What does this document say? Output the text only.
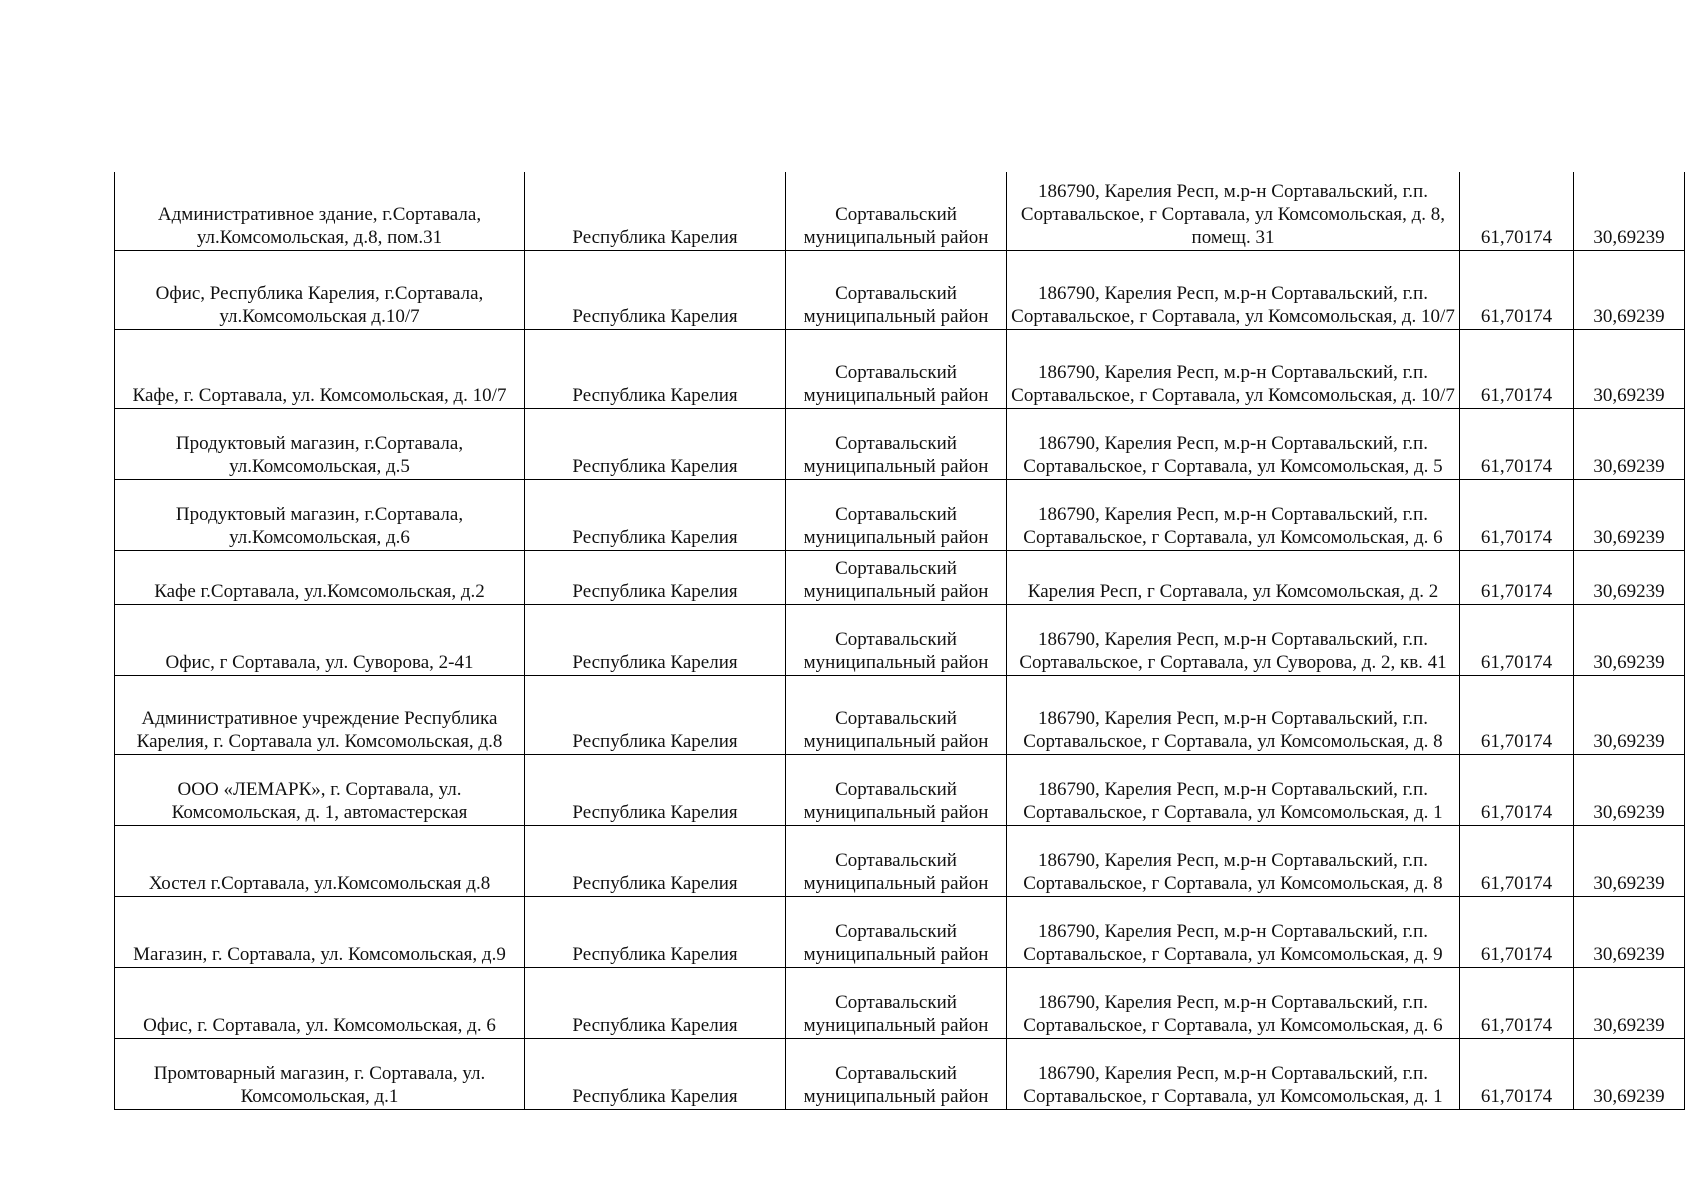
Административное здание, г.Сортавала, ул.Комсомольская, д.8, пом.31	Республика Карелия	Сортавальский муниципальный район	186790, Карелия Респ, м.р-н Сортавальский, г.п. Сортавальское, г Сортавала, ул Комсомольская, д. 8, помещ. 31	61,70174	30,69239
Офис, Республика Карелия, г.Сортавала, ул.Комсомольская д.10/7	Республика Карелия	Сортавальский муниципальный район	186790, Карелия Респ, м.р-н Сортавальский, г.п. Сортавальское, г Сортавала, ул Комсомольская, д. 10/7	61,70174	30,69239
Кафе, г. Сортавала, ул. Комсомольская, д. 10/7	Республика Карелия	Сортавальский муниципальный район	186790, Карелия Респ, м.р-н Сортавальский, г.п. Сортавальское, г Сортавала, ул Комсомольская, д. 10/7	61,70174	30,69239
Продуктовый магазин, г.Сортавала, ул.Комсомольская, д.5	Республика Карелия	Сортавальский муниципальный район	186790, Карелия Респ, м.р-н Сортавальский, г.п. Сортавальское, г Сортавала, ул Комсомольская, д. 5	61,70174	30,69239
Продуктовый магазин, г.Сортавала, ул.Комсомольская, д.6	Республика Карелия	Сортавальский муниципальный район	186790, Карелия Респ, м.р-н Сортавальский, г.п. Сортавальское, г Сортавала, ул Комсомольская, д. 6	61,70174	30,69239
Кафе г.Сортавала, ул.Комсомольская, д.2	Республика Карелия	Сортавальский муниципальный район	Карелия Респ, г Сортавала, ул Комсомольская, д. 2	61,70174	30,69239
Офис, г Сортавала, ул. Суворова, 2-41	Республика Карелия	Сортавальский муниципальный район	186790, Карелия Респ, м.р-н Сортавальский, г.п. Сортавальское, г Сортавала, ул Суворова, д. 2, кв. 41	61,70174	30,69239
Административное учреждение Республика Карелия, г. Сортавала ул. Комсомольская, д.8	Республика Карелия	Сортавальский муниципальный район	186790, Карелия Респ, м.р-н Сортавальский, г.п. Сортавальское, г Сортавала, ул Комсомольская, д. 8	61,70174	30,69239
ООО «ЛЕМАРК», г. Сортавала, ул. Комсомольская, д. 1, автомастерская	Республика Карелия	Сортавальский муниципальный район	186790, Карелия Респ, м.р-н Сортавальский, г.п. Сортавальское, г Сортавала, ул Комсомольская, д. 1	61,70174	30,69239
Хостел г.Сортавала, ул.Комсомольская д.8	Республика Карелия	Сортавальский муниципальный район	186790, Карелия Респ, м.р-н Сортавальский, г.п. Сортавальское, г Сортавала, ул Комсомольская, д. 8	61,70174	30,69239
Магазин, г. Сортавала, ул. Комсомольская, д.9	Республика Карелия	Сортавальский муниципальный район	186790, Карелия Респ, м.р-н Сортавальский, г.п. Сортавальское, г Сортавала, ул Комсомольская, д. 9	61,70174	30,69239
Офис, г. Сортавала, ул. Комсомольская, д. 6	Республика Карелия	Сортавальский муниципальный район	186790, Карелия Респ, м.р-н Сортавальский, г.п. Сортавальское, г Сортавала, ул Комсомольская, д. 6	61,70174	30,69239
Промтоварный магазин, г. Сортавала, ул. Комсомольская, д.1	Республика Карелия	Сортавальский муниципальный район	186790, Карелия Респ, м.р-н Сортавальский, г.п. Сортавальское, г Сортавала, ул Комсомольская, д. 1	61,70174	30,69239
